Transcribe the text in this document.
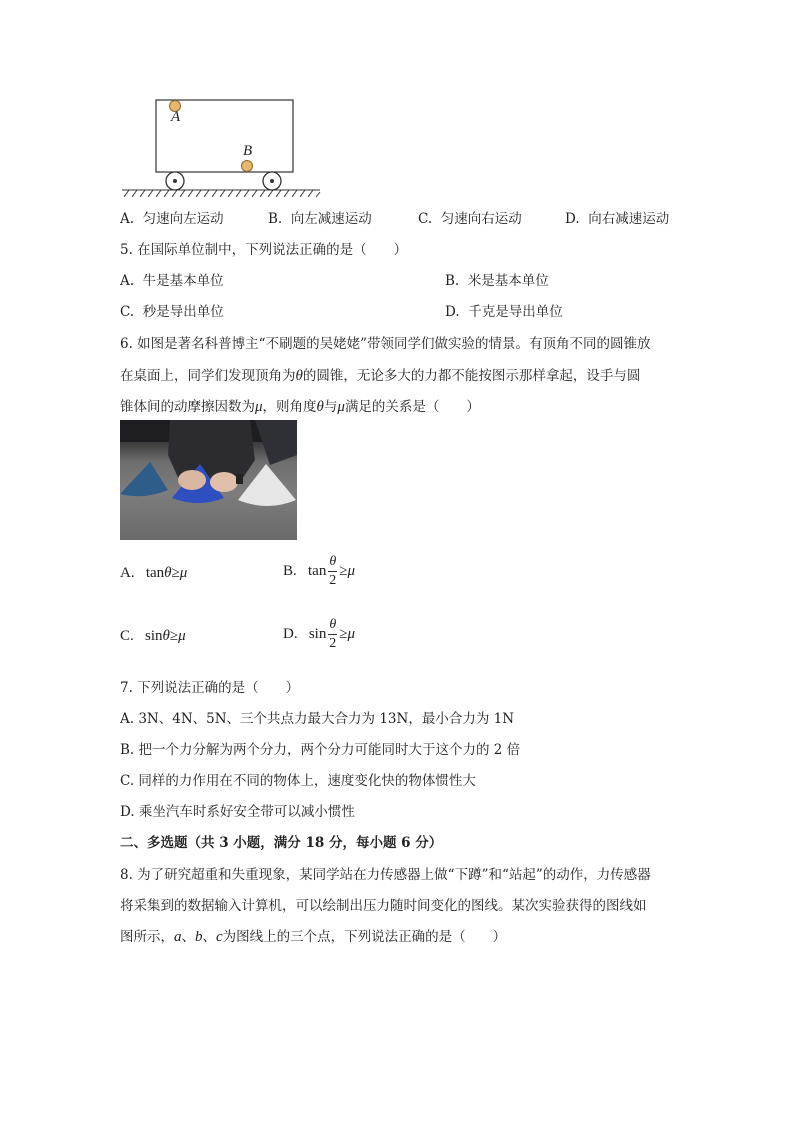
A
B
A. 匀速向左运动	B. 向左减速运动	C. 匀速向右运动	D. 向右减速运动
5. 在国际单位制中，下列说法正确的是（　　）
A. 牛是基本单位	B. 米是基本单位
C. 秒是导出单位	D. 千克是导出单位
6. 如图是著名科普博主“不刷题的吴姥姥”带领同学们做实验的情景。有顶角不同的圆锥放
在桌面上，同学们发现顶角为θ的圆锥，无论多大的力都不能按图示那样拿起，设手与圆
锥体间的动摩擦因数为μ，则角度θ与μ满足的关系是（　　）
A. tanθ≥μ	B. $\tan \frac{\theta}{2} \ge\mu$
C. sinθ≥μ	D. $\sin \frac{\theta}{2} \ge\mu$
7. 下列说法正确的是（　　）
A. 3N、4N、5N、三个共点力最大合力为 13N，最小合力为 1N
B. 把一个力分解为两个分力，两个分力可能同时大于这个力的 2 倍
C. 同样的力作用在不同的物体上，速度变化快的物体惯性大
D. 乘坐汽车时系好安全带可以减小惯性
二、多选题（共 3 小题，满分 18 分，每小题 6 分）
8. 为了研究超重和失重现象，某同学站在力传感器上做“下蹲”和“站起”的动作，力传感器
将采集到的数据输入计算机，可以绘制出压力随时间变化的图线。某次实验获得的图线如
图所示，a、b、c为图线上的三个点，下列说法正确的是（　　）
